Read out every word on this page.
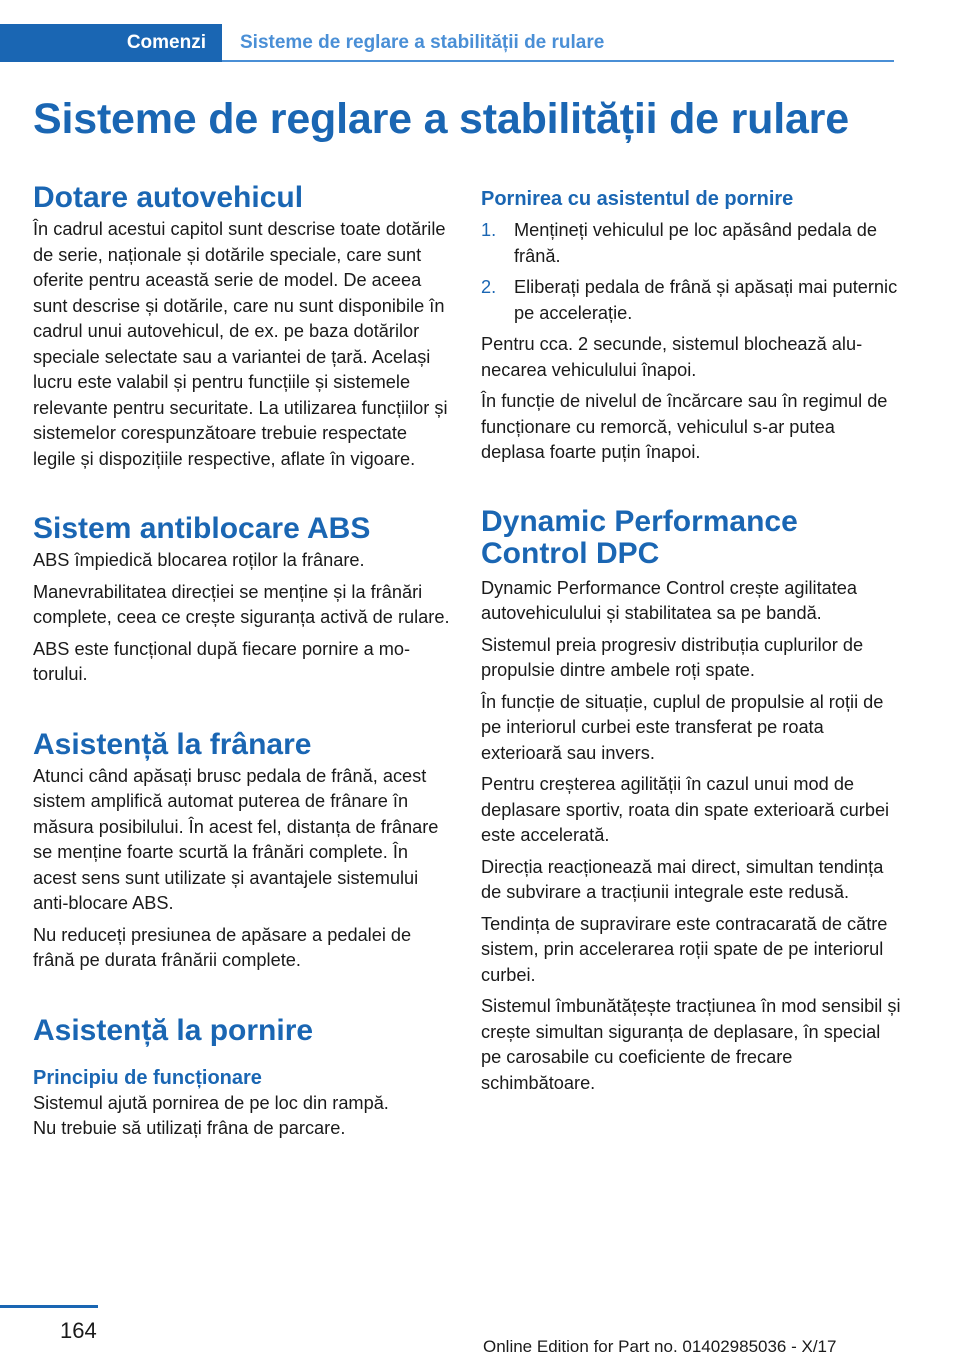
Comenzi	Sisteme de reglare a stabilității de rulare
Sisteme de reglare a stabilității de rulare
Dotare autovehicul

În cadrul acestui capitol sunt descrise toate dotările de serie, naționale și dotările speciale, care sunt oferite pentru această serie de model. De aceea sunt descrise și dotările, care nu sunt disponibile în cadrul unui autovehicul, de ex. pe baza dotărilor speciale selectate sau a variantei de țară. Același lucru este valabil și pentru funcțiile și sistemele relevante pentru securitate. La utilizarea funcțiilor și sistemelor corespunzătoare trebuie respectate legile și dispozițiile respective, aflate în vigoare.

Sistem antiblocare ABS

ABS împiedică blocarea roților la frânare.

Manevrabilitatea direcției se menține și la frânări complete, ceea ce crește siguranța activă de rulare.

ABS este funcțional după fiecare pornire a motorului.

Asistență la frânare

Atunci când apăsați brusc pedala de frână, acest sistem amplifică automat puterea de frânare în măsura posibilului. În acest fel, distanța de frânare se menține foarte scurtă la frânări complete. În acest sens sunt utilizate și avantajele sistemului anti-blocare ABS.

Nu reduceți presiunea de apăsare a pedalei de frână pe durata frânării complete.

Asistență la pornire
Principiu de funcționare

Sistemul ajută pornirea de pe loc din rampă.

Nu trebuie să utilizați frâna de parcare.

Pornirea cu asistentul de pornire
1. Mențineți vehiculul pe loc apăsând pedala de frână.
2. Eliberați pedala de frână și apăsați mai puternic pe accelerație.

Pentru cca. 2 secunde, sistemul blochează alunecarea vehiculului înapoi.

În funcție de nivelul de încărcare sau în regimul de funcționare cu remorcă, vehiculul s-ar putea deplasa foarte puțin înapoi.

Dynamic Performance Control DPC

Dynamic Performance Control crește agilitatea autovehiculului și stabilitatea sa pe bandă.

Sistemul preia progresiv distribuția cuplurilor de propulsie dintre ambele roți spate.

În funcție de situație, cuplul de propulsie al roții de pe interiorul curbei este transferat pe roata exterioară sau invers.

Pentru creșterea agilității în cazul unui mod de deplasare sportiv, roata din spate exterioară curbei este accelerată.

Direcția reacționează mai direct, simultan tendința de subvirare a tracțiunii integrale este redusă.

Tendința de supravirare este contracarată de către sistem, prin accelerarea roții spate de pe interiorul curbei.

Sistemul îmbunătățește tracțiunea în mod sensibil și crește simultan siguranța de deplasare, în special pe carosabile cu coeficiente de frecare schimbătoare.

164
Online Edition for Part no. 01402985036 - X/17
